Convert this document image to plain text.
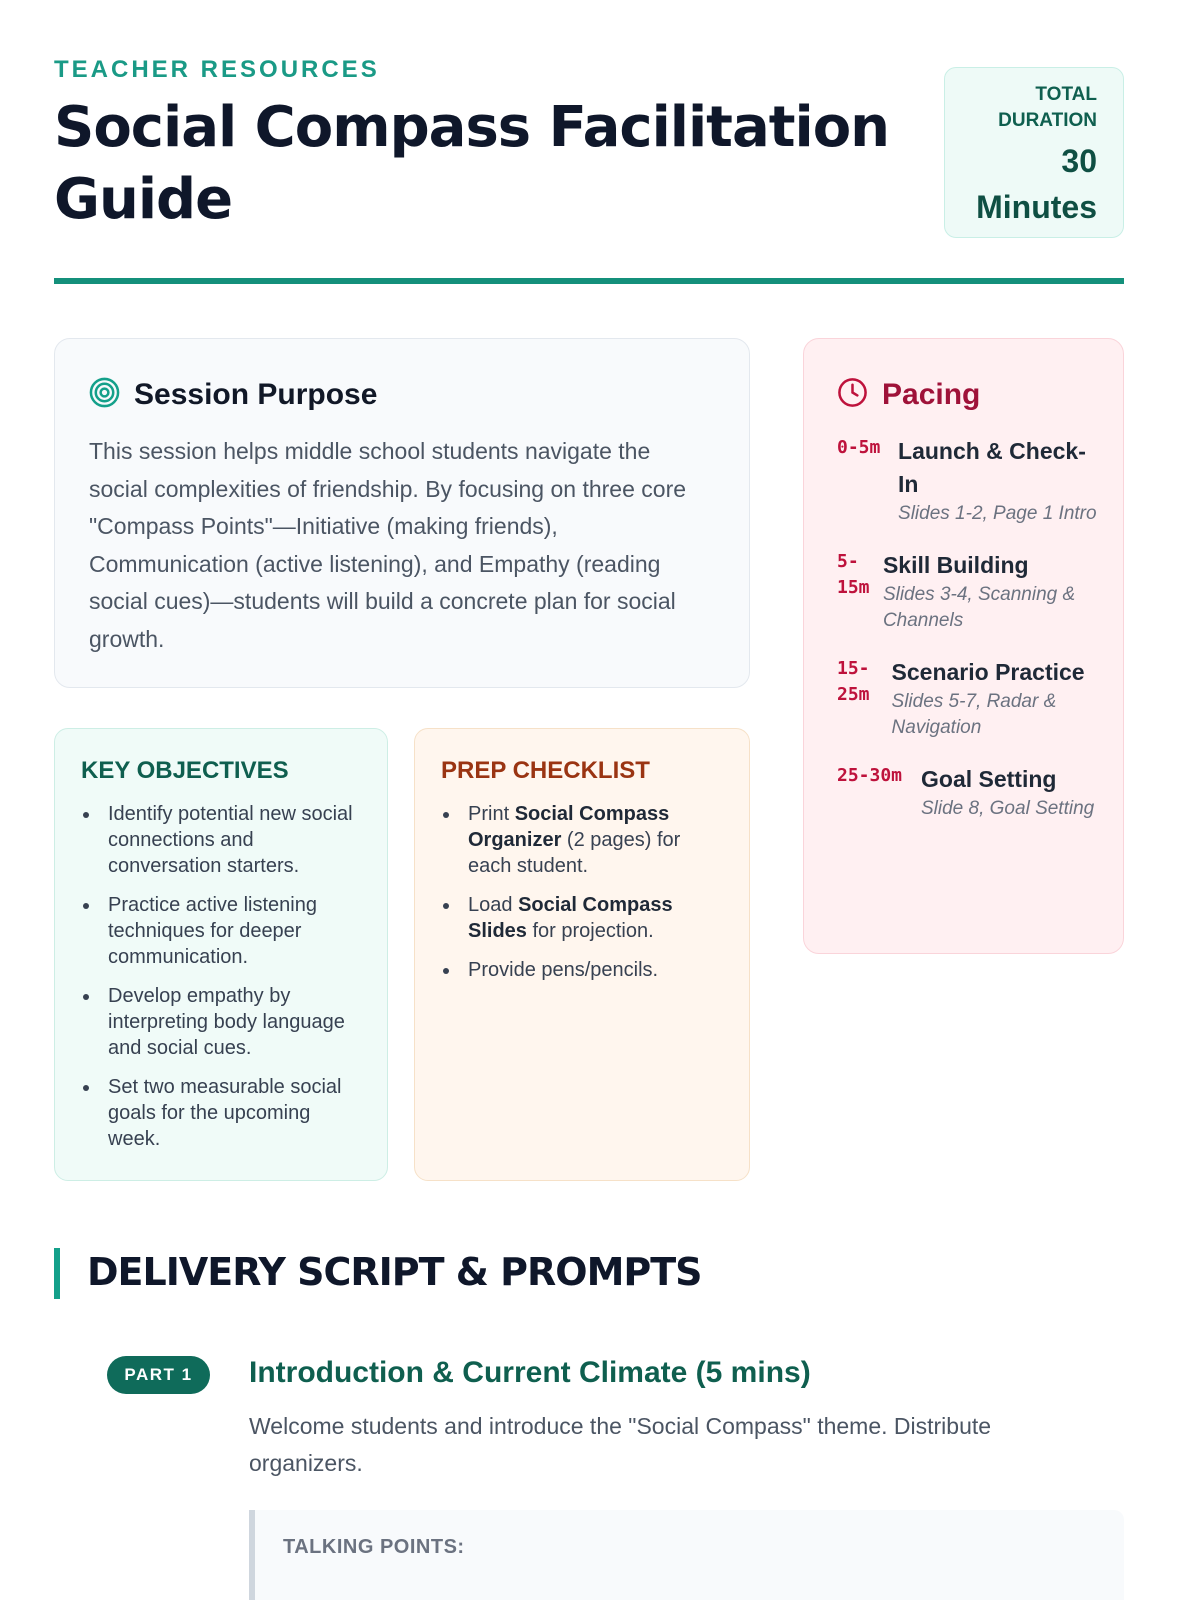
TEACHER RESOURCES
Social Compass Facilitation Guide
TOTAL DURATION
30 Minutes
Session Purpose

This session helps middle school students navigate the social complexities of friendship. By focusing on three core "Compass Points"—Initiative (making friends), Communication (active listening), and Empathy (reading social cues)—students will build a concrete plan for social growth.

KEY OBJECTIVES
Identify potential new social connections and conversation starters.
Practice active listening techniques for deeper communication.
Develop empathy by interpreting body language and social cues.
Set two measurable social goals for the upcoming week.
PREP CHECKLIST
Print Social Compass Organizer (2 pages) for each student.
Load Social Compass Slides for projection.
Provide pens/pencils.
Pacing
0-5m Launch & Check-In
Slides 1-2, Page 1 Intro
5-15m
Skill Building
Slides 3-4, Scanning & Channels
15-25m
Scenario Practice
Slides 5-7, Radar & Navigation
25-30m Goal Setting
Slide 8, Goal Setting
DELIVERY SCRIPT & PROMPTS
PART 1	Introduction & Current Climate (5 mins)

Welcome students and introduce the "Social Compass" theme. Distribute organizers.

TALKING POINTS:
